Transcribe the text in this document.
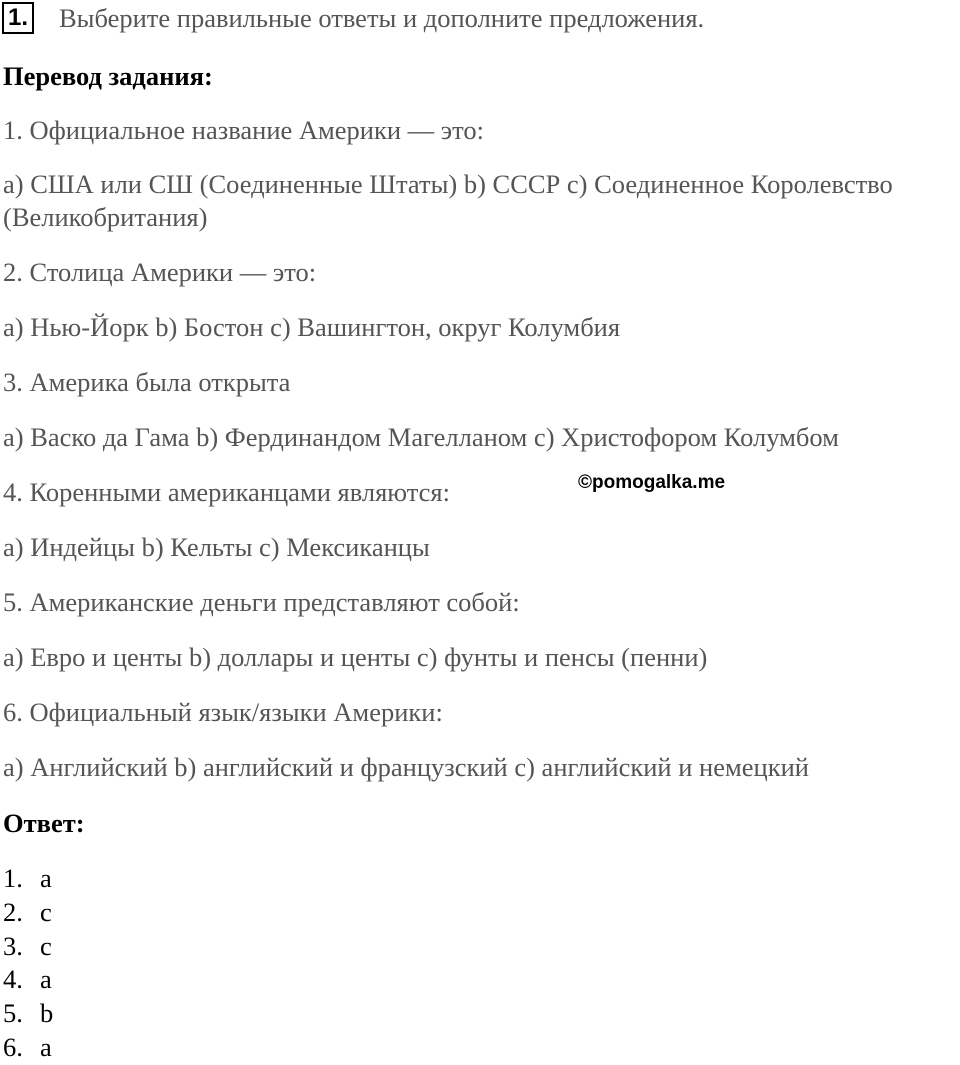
1. Выберите правильные ответы и дополните предложения.
Перевод задания:
1. Официальное название Америки — это:
а) США или СШ (Соединенные Штаты) b) СССР c) Соединенное Королевство (Великобритания)
2. Столица Америки — это:
а) Нью-Йорк b) Бостон с) Вашингтон, округ Колумбия
3. Америка была открыта
а) Васко да Гама b) Фердинандом Магелланом с) Христофором Колумбом
4. Коренными американцами являются:	©pomogalka.me
а) Индейцы b) Кельты с) Мексиканцы
5. Американские деньги представляют собой:
а) Евро и центы b) доллары и центы с) фунты и пенсы (пенни)
6. Официальный язык/языки Америки:
а) Английский b) английский и французский с) английский и немецкий
Ответ:
1. a
2. c
3. c
4. a
5. b
6. a
